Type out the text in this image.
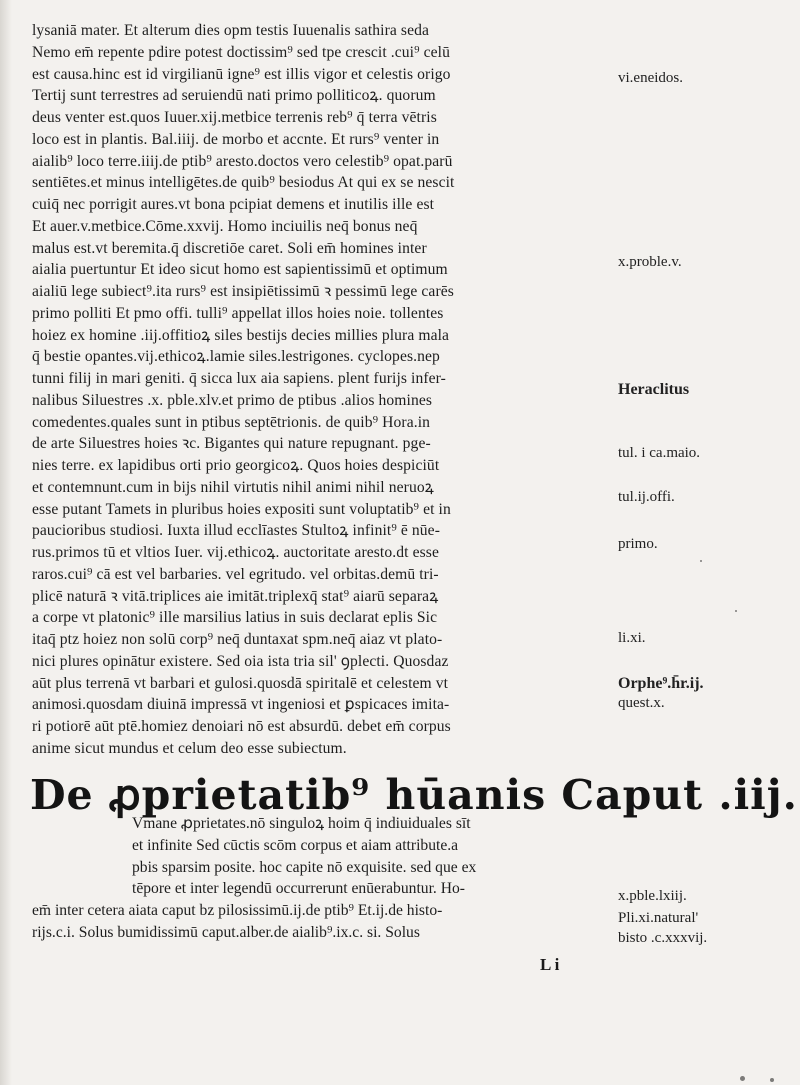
lysaniā mater. Et alterum dies opm testis Iuuenalis sathira seda
Nemo em̄ repente pdire potest doctissim⁹ sed tpe crescit .cui⁹ celū
est causa.hinc est id virgilianū igne⁹ est illis vigor et celestis origo
Tertij sunt terrestres ad seruiendū nati primo polliticoꝝ. quorum
deus venter est.quos Iuuer.xij.metbice terrenis reb⁹ q̄ terra vētris
loco est in plantis. Bal.iiij. de morbo et accnte. Et rurs⁹ venter in
aialib⁹ loco terre.iiij.de ptib⁹ aresto.doctos vero celestib⁹ opat.parū
sentiētes.et minus intelligētes.de quib⁹ besiodus At qui ex se nescit
cuiq̄ nec porrigit aures.vt bona pcipiat demens et inutilis ille est
Et auer.v.metbice.Cōme.xxvij. Homo inciuilis neq̄ bonus neq̄
malus est.vt beremita.q̄ discretiōe caret. Soli em̄ homines inter
aialia puertuntur Et ideo sicut homo est sapientissimū et optimum
aialiū lege subiect⁹.ita rurs⁹ est insipiētissimū ꝛ pessimū lege carēs
primo polliti Et pmo offi. tulli⁹ appellat illos hoies noie. tollentes
hoiez ex homine .iij.offitioꝝ siles bestijs decies millies plura mala
q̄ bestie opantes.vij.ethicoꝝ.lamie siles.lestrigones. cyclopes.nep
tunni filij in mari geniti. q̄ sicca lux aia sapiens. plent furijs infer-
nalibus Siluestres .x. pble.xlv.et primo de ptibus .alios homines
comedentes.quales sunt in ptibus septētrionis. de quib⁹ Hora.in
de arte Siluestres hoies ꝛc. Bigantes qui nature repugnant. pge-
nies terre. ex lapidibus orti prio georgicoꝝ. Quos hoies despiciūt
et contemnunt.cum in bijs nihil virtutis nihil animi nihil neruoꝝ
esse putant Tamets in pluribus hoies expositi sunt voluptatib⁹ et in
paucioribus studiosi. Iuxta illud ecclīastes Stultoꝝ infinit⁹ ē nūe-
rus.primos tū et vltios Iuer. vij.ethicoꝝ. auctoritate aresto.dt esse
raros.cui⁹ cā est vel barbaries. vel egritudo. vel orbitas.demū tri-
plicē naturā ꝛ vitā.triplices aie imitāt.triplexq̄ stat⁹ aiarū separaꝝ
a corpe vt platonic⁹ ille marsilius latius in suis declarat eplis Sic
itaq̄ ptz hoiez non solū corp⁹ neq̄ duntaxat spm.neq̄ aiaz vt plato-
nici plures opinātur existere. Sed oia ista tria sil' ꝯplecti. Quosdaz
aūt plus terrenā vt barbari et gulosi.quosdā spiritalē et celestem vt
animosi.quosdam diuinā impressā vt ingeniosi et ꝑspicaces imita-
ri potiorē aūt ptē.homiez denoiari nō est absurdū. debet em̄ corpus
anime sicut mundus et celum deo esse subiectum.
De ꝓprietatib⁹ hūanis Caput .iij.
Vmane ꝓprietates.nō singuloꝝ hoim q̄ indiuiduales sīt
et infinite Sed cūctis scōm corpus et aiam attribute.a
pbis sparsim posite. hoc capite nō exquisite. sed que ex
tēpore et inter legendū occurrerunt enūerabuntur. Ho-
em̄ inter cetera aiata caput bz pilosissimū.ij.de ptib⁹ Et.ij.de histo-
rijs.c.i. Solus bumidissimū caput.alber.de aialib⁹.ix.c. si. Solus
L i
vi.eneidos.
x.proble.v.
Heraclitus
tul. i ca.maio.
tul.ij.offi.
primo.
li.xi.
Orphe⁹.h̄r.ij.
quest.x.
x.pble.lxiij.
Pli.xi.natural'
bisto .c.xxxvij.
